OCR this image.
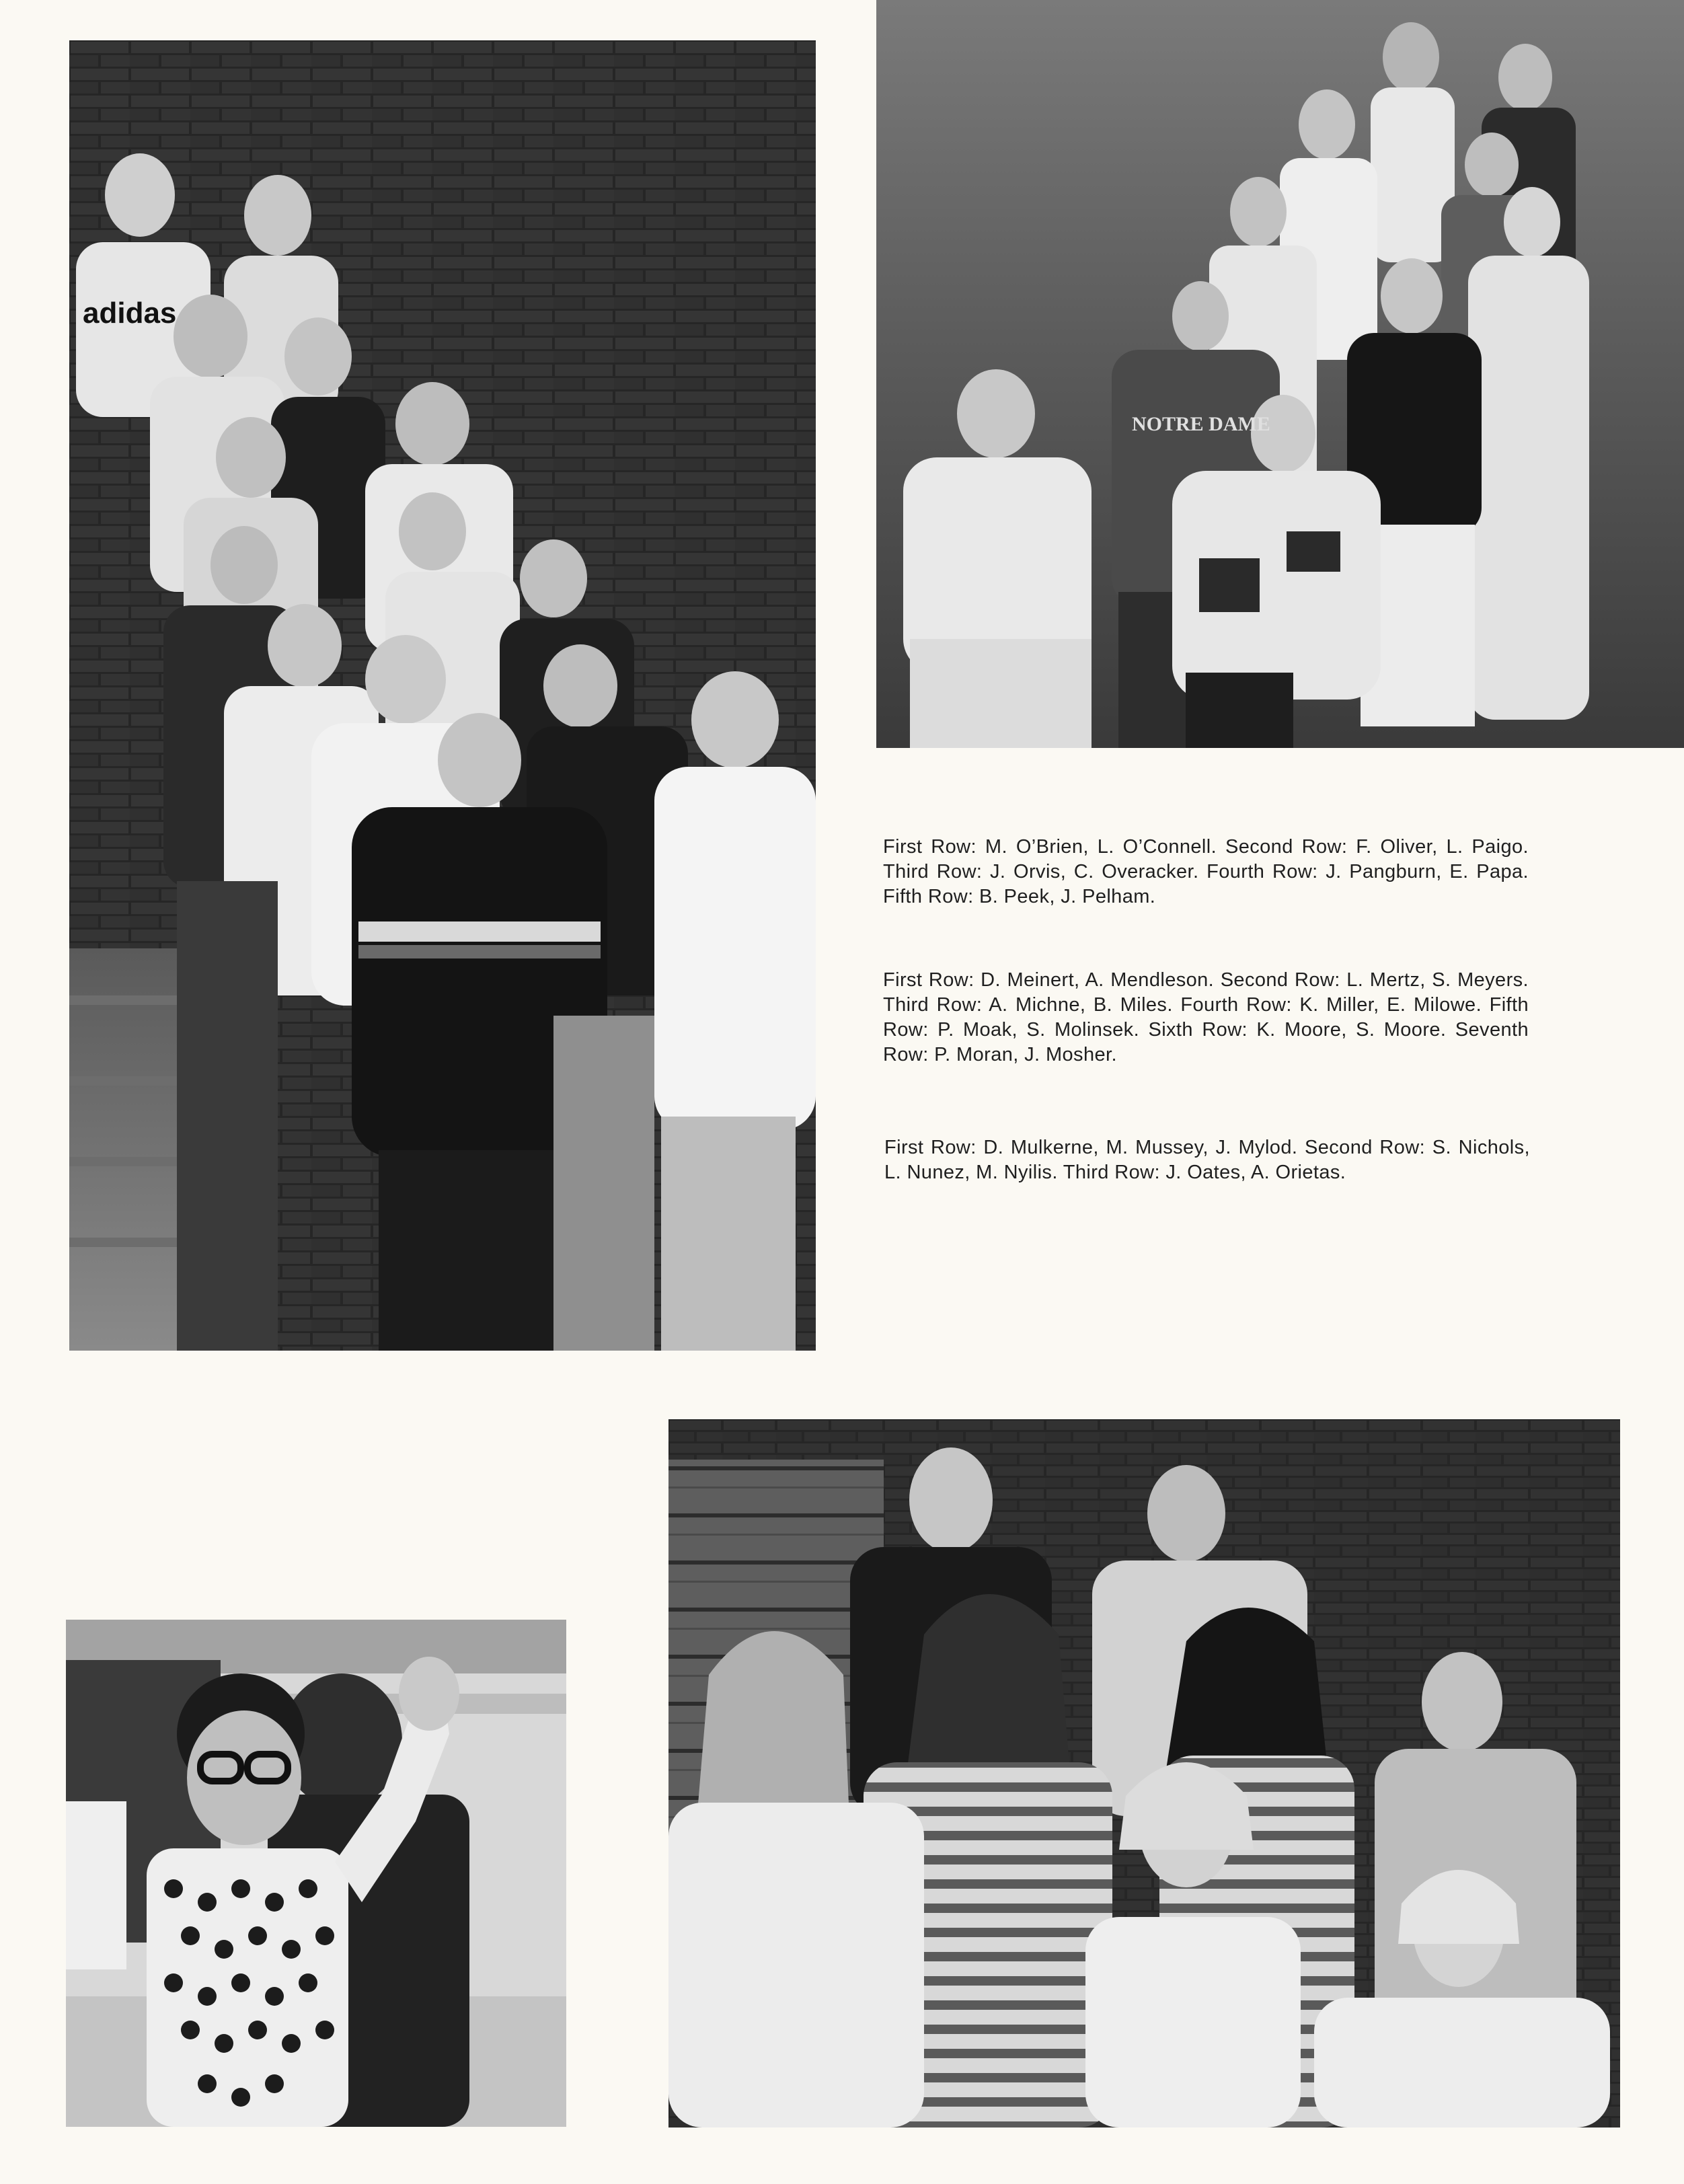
adidas
NOTRE DAME

First Row: M. O’Brien, L. O’Connell. Second Row: F. Oliver, L. Paigo. Third Row: J. Orvis, C. Overacker. Fourth Row: J. Pangburn, E. Papa. Fifth Row: B. Peek, J. Pelham.

First Row: D. Meinert, A. Mendleson. Second Row: L. Mertz, S. Meyers. Third Row: A. Michne, B. Miles. Fourth Row: K. Miller, E. Milowe. Fifth Row: P. Moak, S. Molinsek. Sixth Row: K. Moore, S. Moore. Seventh Row: P. Moran, J. Mosher.

First Row: D. Mulkerne, M. Mussey, J. Mylod. Second Row: S. Nichols, L. Nunez, M. Nyilis. Third Row: J. Oates, A. Orietas.
